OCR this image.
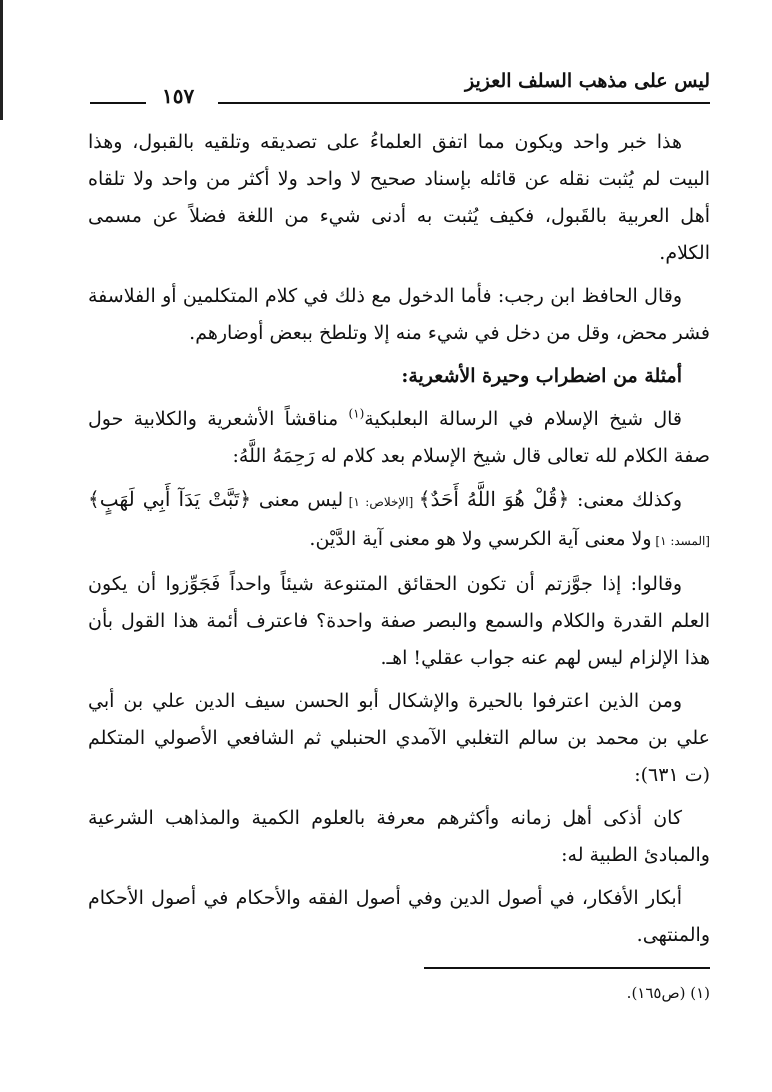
١٥٧
ليس على مذهب السلف العزيز

هذا خبر واحد ويكون مما اتفق العلماءُ على تصديقه وتلقيه بالقبول، وهذا البيت لم يُثبت نقله عن قائله بإسناد صحيح لا واحد ولا أكثر من واحد ولا تلقاه أهل العربية بالقَبول، فكيف يُثبت به أدنى شيء من اللغة فضلاً عن مسمى الكلام.

وقال الحافظ ابن رجب: فأما الدخول مع ذلك في كلام المتكلمين أو الفلاسفة فشر محض، وقل من دخل في شيء منه إلا وتلطخ ببعض أوضارهم.

أمثلة من اضطراب وحيرة الأشعرية:

قال شيخ الإسلام في الرسالة البعلبكية$^{(١)}$ مناقشاً الأشعرية والكلابية حول صفة الكلام لله تعالى قال شيخ الإسلام بعد كلام له رَحِمَهُ اللَّهُ:

وكذلك معنى: ﴿قُلْ هُوَ اللَّهُ أَحَدٌ﴾ [الإخلاص: ١] ليس معنى ﴿تَبَّتْ يَدَآ أَبِي لَهَبٍ﴾ [المسد: ١] ولا معنى آية الكرسي ولا هو معنى آية الدَّيْن.

وقالوا: إذا جوَّزتم أن تكون الحقائق المتنوعة شيئاً واحداً فَجَوِّزوا أن يكون العلم القدرة والكلام والسمع والبصر صفة واحدة؟ فاعترف أئمة هذا القول بأن هذا الإلزام ليس لهم عنه جواب عقلي! اهـ.

ومن الذين اعترفوا بالحيرة والإشكال أبو الحسن سيف الدين علي بن أبي علي بن محمد بن سالم التغلبي الآمدي الحنبلي ثم الشافعي الأصولي المتكلم (ت ٦٣١):

كان أذكى أهل زمانه وأكثرهم معرفة بالعلوم الكمية والمذاهب الشرعية والمبادئ الطبية له:

أبكار الأفكار، في أصول الدين وفي أصول الفقه والأحكام في أصول الأحكام والمنتهى.

(١) (ص١٦٥).
